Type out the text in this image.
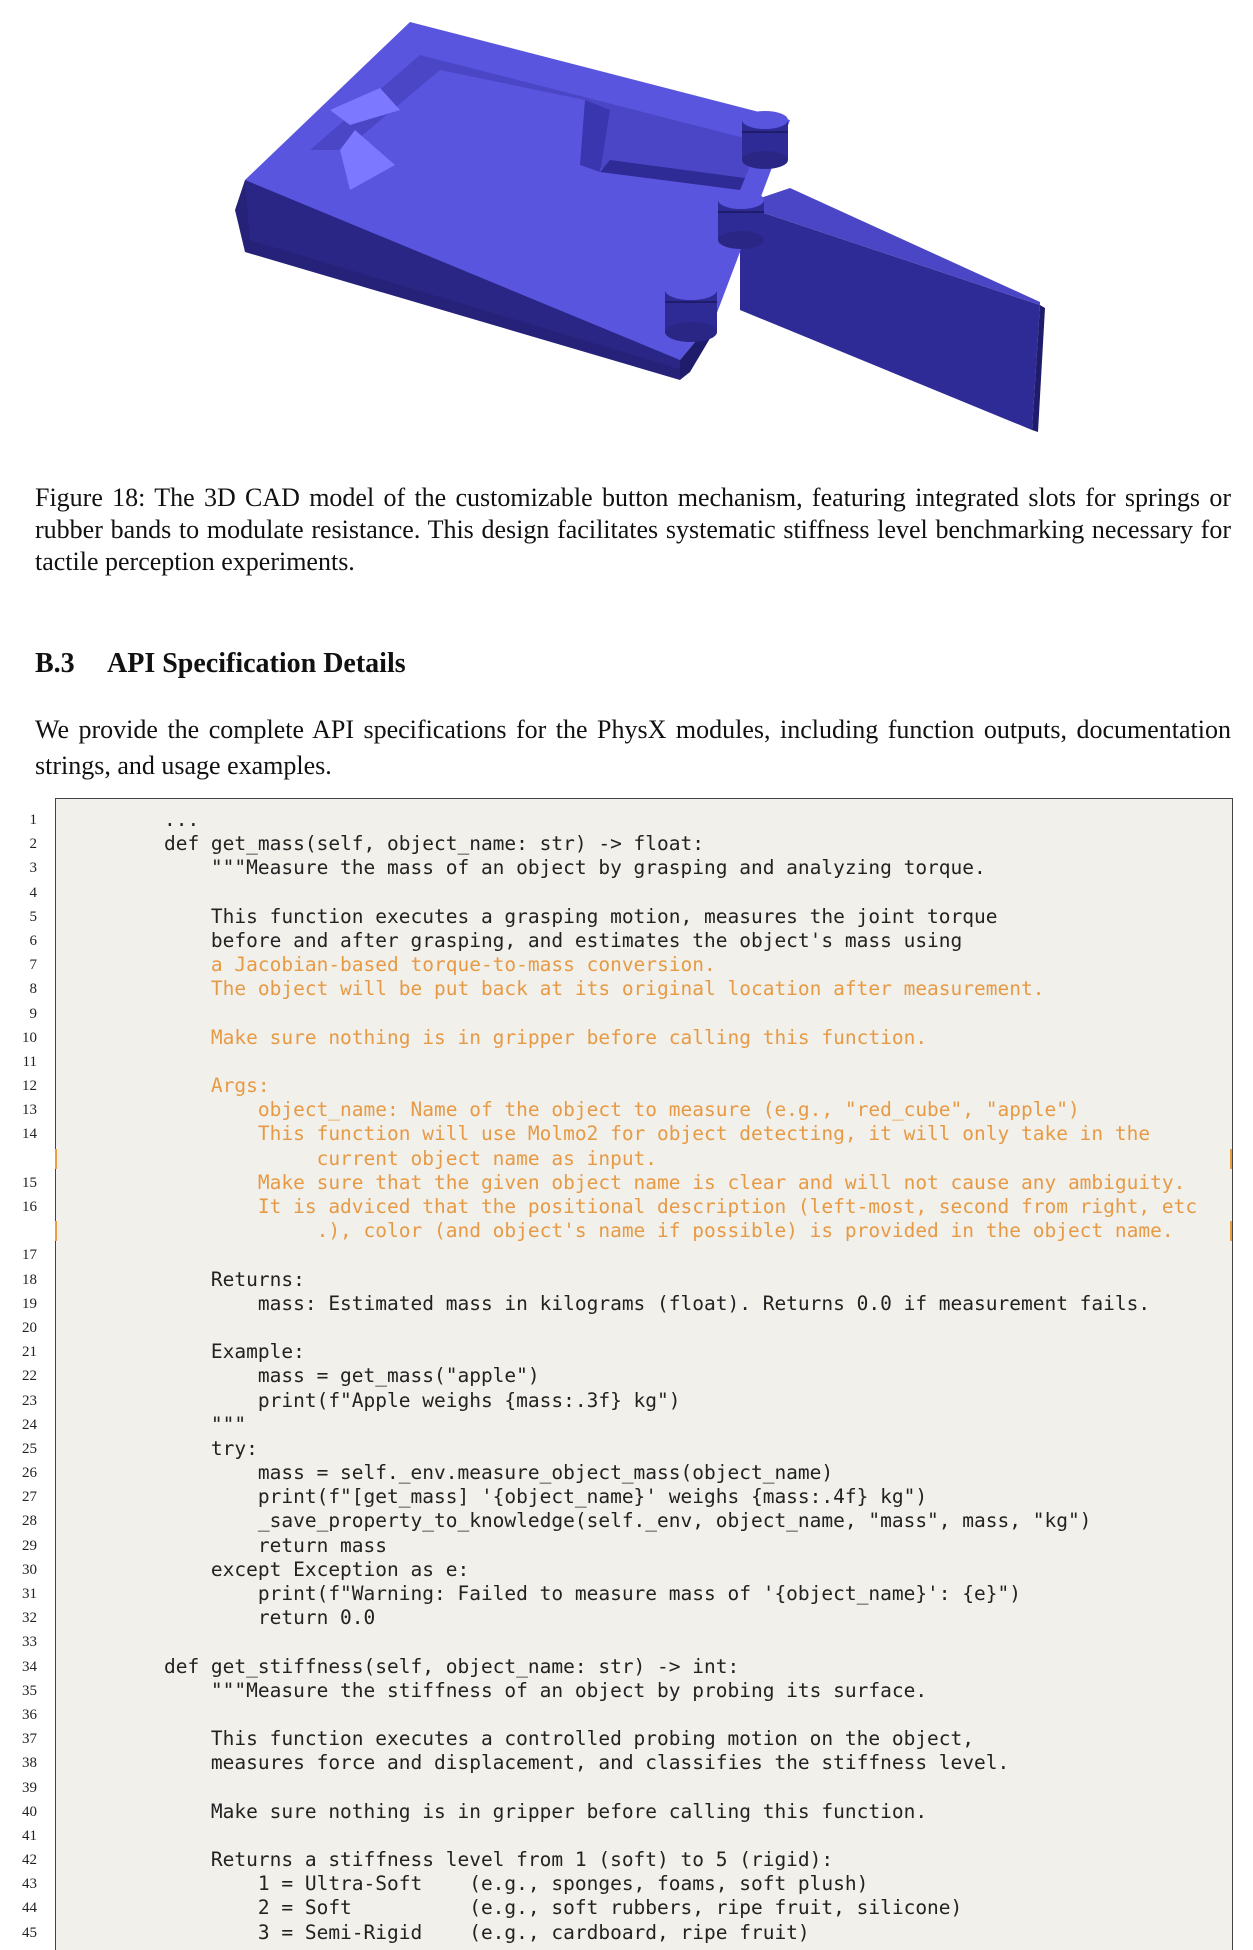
Figure 18: The 3D CAD model of the customizable button mechanism, featuring integrated slots for springs or rubber bands to modulate resistance. This design facilitates systematic stiffness level benchmarking necessary for tactile perception experiments.

B.3 API Specification Details

We provide the complete API specifications for the PhysX modules, including function outputs, documentation strings, and usage examples.

1	...
2	def get_mass(self, object_name: str) -> float:
3	"""Measure the mass of an object by grasping and analyzing torque.
4
5	This function executes a grasping motion, measures the joint torque
6	before and after grasping, and estimates the object's mass using
7	a Jacobian-based torque-to-mass conversion.
8	The object will be put back at its original location after measurement.
9
10	Make sure nothing is in gripper before calling this function.
11
12	Args:
13	object_name: Name of the object to measure (e.g., "red_cube", "apple")
14	This function will use Molmo2 for object detecting, it will only take in the
current object name as input.
15	Make sure that the given object name is clear and will not cause any ambiguity.
16	It is adviced that the positional description (left-most, second from right, etc
.), color (and object's name if possible) is provided in the object name.
17
18	Returns:
19	mass: Estimated mass in kilograms (float). Returns 0.0 if measurement fails.
20
21	Example:
22	mass = get_mass("apple")
23	print(f"Apple weighs {mass:.3f} kg")
24	"""
25	try:
26	mass = self._env.measure_object_mass(object_name)
27	print(f"[get_mass] '{object_name}' weighs {mass:.4f} kg")
28	_save_property_to_knowledge(self._env, object_name, "mass", mass, "kg")
29	return mass
30	except Exception as e:
31	print(f"Warning: Failed to measure mass of '{object_name}': {e}")
32	return 0.0
33
34	def get_stiffness(self, object_name: str) -> int:
35	"""Measure the stiffness of an object by probing its surface.
36
37	This function executes a controlled probing motion on the object,
38	measures force and displacement, and classifies the stiffness level.
39
40	Make sure nothing is in gripper before calling this function.
41
42	Returns a stiffness level from 1 (soft) to 5 (rigid):
43	1 = Ultra-Soft    (e.g., sponges, foams, soft plush)
44	2 = Soft          (e.g., soft rubbers, ripe fruit, silicone)
45	3 = Semi-Rigid    (e.g., cardboard, ripe fruit)
